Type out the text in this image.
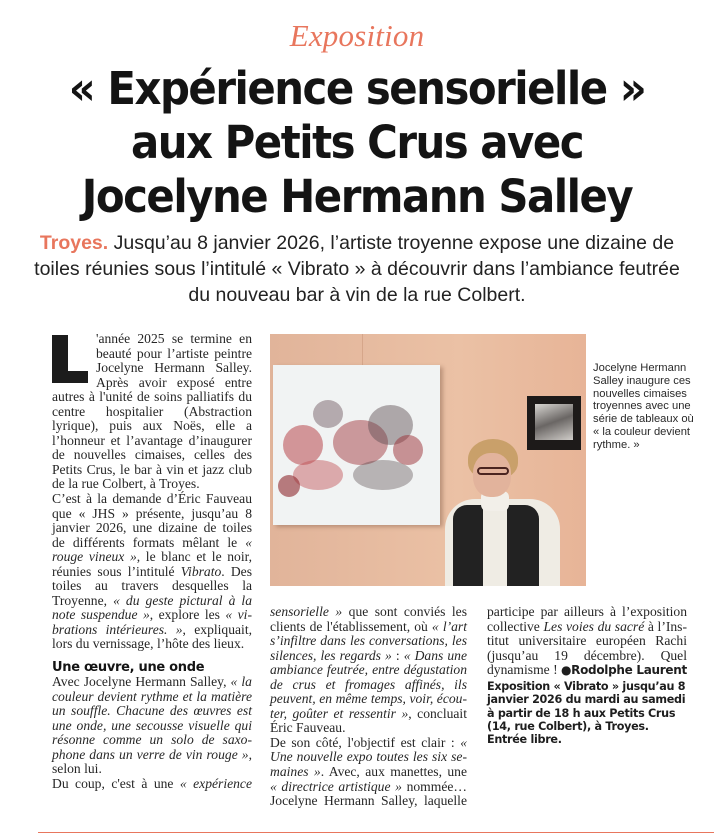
Exposition
« Expérience sensorielle »
aux Petits Crus avec
Jocelyne Hermann Salley
Troyes. Jusqu’au 8 janvier 2026, l’artiste troyenne expose une dizaine de toiles réunies sous l’intitulé « Vibrato » à découvrir dans l’ambiance feutrée du nouveau bar à vin de la rue Colbert.

'année 2025 se termine en beauté pour l’artiste peintre Jocelyne Hermann Salley. Après avoir exposé entre autres à l'unité de soins palliatifs du centre hospitalier (Abstraction lyrique), puis aux Noës, elle a l’honneur et l’avantage d’inaugurer de nouvelles cimaises, celles des Petits Crus, le bar à vin et jazz club de la rue Colbert, à Troyes.

C’est à la demande d’Éric Fauveau que « JHS » présente, jusqu’au 8 janvier 2026, une dizaine de toiles de différents formats mêlant le « rouge vineux », le blanc et le noir, réunies sous l’intitulé Vibrato. Des toiles au travers desquelles la Troyenne, « du geste pictural à la note suspendue », explore les « vibrations intérieures. », expliquait, lors du vernissage, l’hôte des lieux.

Une œuvre, une onde

Avec Jocelyne Hermann Salley, « la couleur devient rythme et la matière un souffle. Chacune des œuvres est une onde, une secousse visuelle qui résonne comme un solo de saxophone dans un verre de vin rouge », selon lui.

Du coup, c'est à une « expérience

Jocelyne Hermann Salley inaugure ces nouvelles cimaises troyennes avec une série de tableaux où « la couleur devient rythme. »

sensorielle » que sont conviés les clients de l'établissement, où « l’art s’infiltre dans les conversations, les silences, les regards » : « Dans une ambiance feutrée, entre dégustation de crus et fromages affinés, ils peuvent, en même temps, voir, écouter, goûter et ressentir », concluait Éric Fauveau.

De son côté, l'objectif est clair : « Une nouvelle expo toutes les six semaines ». Avec, aux manettes, une « directrice artistique » nommée… Jocelyne Hermann Salley, laquelle

participe par ailleurs à l’exposition collective Les voies du sacré à l’Institut universitaire européen Rachi (jusqu’au 19 décembre). Quel dynamisme ! ●Rodolphe Laurent

Exposition « Vibrato » jusqu’au 8 janvier 2026 du mardi au samedi à partir de 18 h aux Petits Crus (14, rue Colbert), à Troyes. Entrée libre.
